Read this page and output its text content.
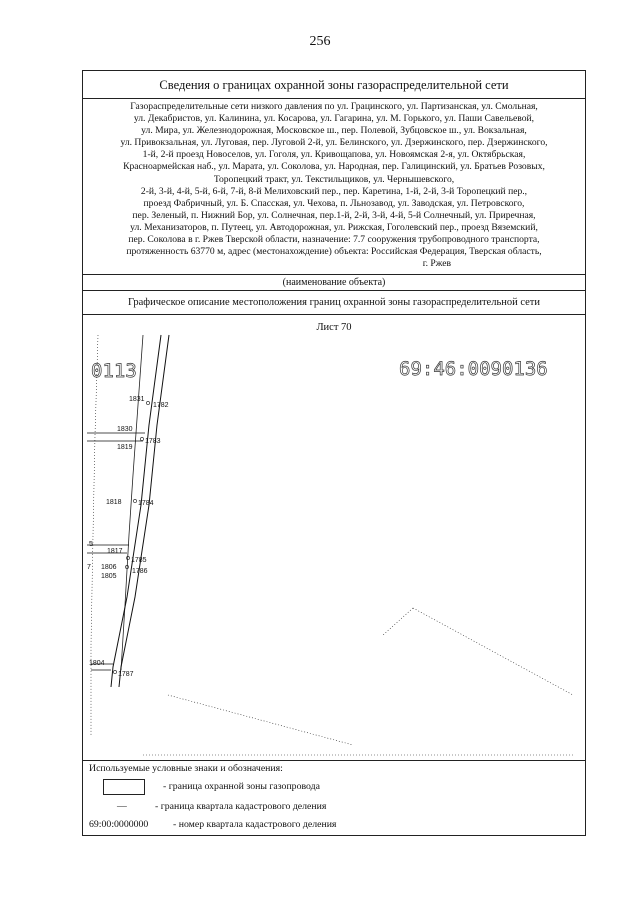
256
Сведения о границах охранной зоны газораспределительной сети
Газораспределительные сети низкого давления по ул. Грацинского, ул. Партизанская, ул. Смольная,
ул. Декабристов, ул. Калинина, ул. Косарова, ул. Гагарина, ул. М. Горького, ул. Паши Савельевой,
ул. Мира, ул. Железнодорожная, Московское ш., пер. Полевой, Зубцовское ш., ул. Вокзальная,
ул. Привокзальная, ул. Луговая, пер. Луговой 2-й, ул. Белинского, ул. Дзержинского, пер. Дзержинского,
1-й, 2-й проезд Новоселов, ул. Гоголя, ул. Кривощапова, ул. Новоямская 2-я, ул. Октябрьская,
Красноармейская наб., ул. Марата, ул. Соколова, ул. Народная, пер. Галицинский, ул. Братьев Розовых,
Торопецкий тракт, ул. Текстильщиков, ул. Чернышевского,
2-й, 3-й, 4-й, 5-й, 6-й, 7-й, 8-й Мелиховский пер., пер. Каретина, 1-й, 2-й, 3-й Торопецкий пер.,
проезд Фабричный, ул. Б. Спасская, ул. Чехова, п. Льнозавод, ул. Заводская, ул. Петровского,
пер. Зеленый, п. Нижний Бор, ул. Солнечная, пер.1-й, 2-й, 3-й, 4-й, 5-й Солнечный, ул. Приречная,
ул. Механизаторов, п. Путеец, ул. Автодорожная, ул. Рижская, Гоголевский пер., проезд Вяземский,
пер. Соколова в г. Ржев Тверской области, назначение: 7.7 сооружения трубопроводного транспорта,
протяженность 63770 м, адрес (местонахождение) объекта: Российская Федерация, Тверская область,
г. Ржев
(наименование объекта)
Графическое описание местоположения границ охранной зоны газораспределительной сети
Лист 70
69:46:0090136
0113
1831
1782
1830
1783
1819
1818 1784
1817
1785
1806
1786
1805
1804
1787
5
7
Используемые условные знаки и обозначения:
- граница охранной зоны газопровода
—	- граница квартала кадастрового деления
69:00:0000000	- номер квартала кадастрового деления
